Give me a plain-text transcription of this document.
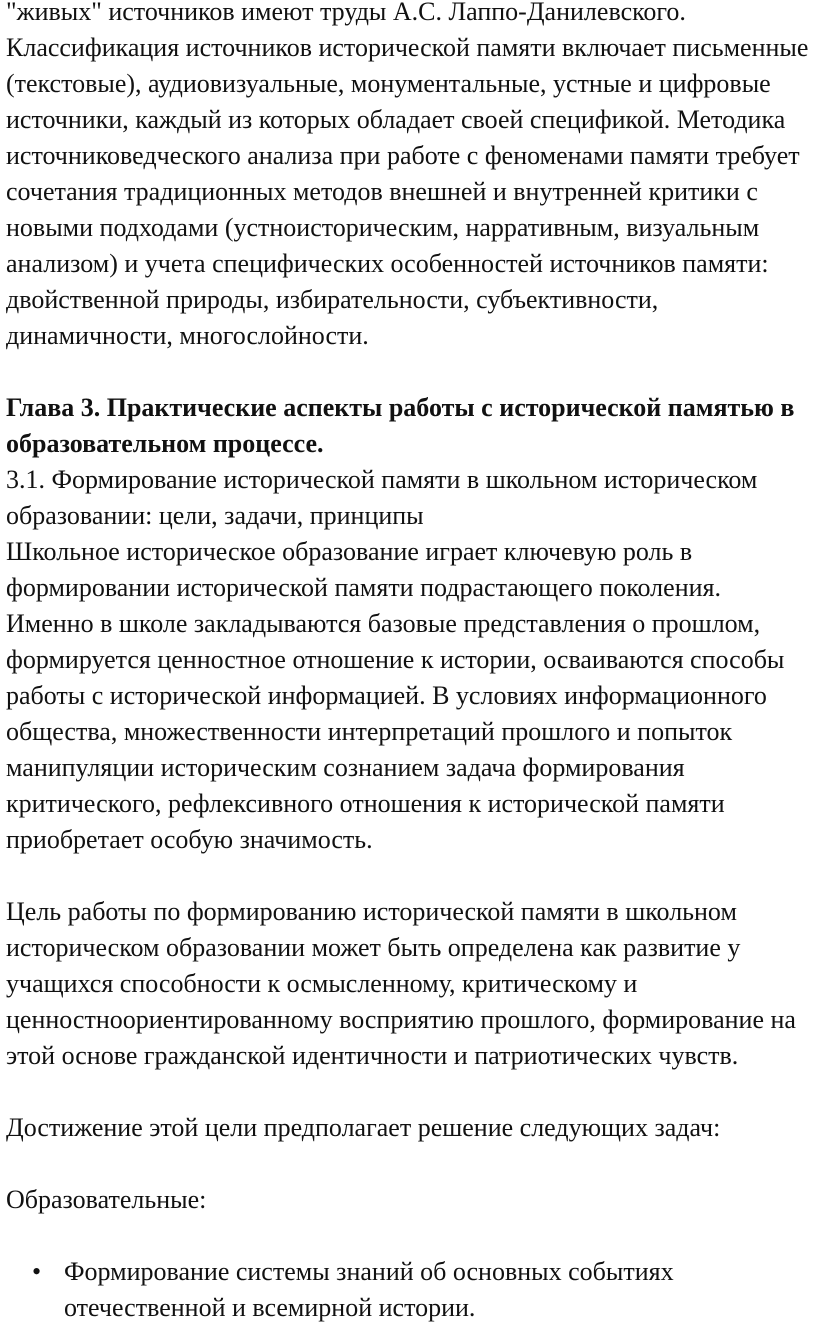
"живых" источников имеют труды А.С. Лаппо-Данилевского. Классификация источников исторической памяти включает письменные (текстовые), аудиовизуальные, монументальные, устные и цифровые источники, каждый из которых обладает своей спецификой. Методика источниковедческого анализа при работе с феноменами памяти требует сочетания традиционных методов внешней и внутренней критики с новыми подходами (устноисторическим, нарративным, визуальным анализом) и учета специфических особенностей источников памяти: двойственной природы, избирательности, субъективности, динамичности, многослойности.

Глава 3. Практические аспекты работы с исторической памятью в образовательном процессе.

3.1. Формирование исторической памяти в школьном историческом образовании: цели, задачи, принципы

Школьное историческое образование играет ключевую роль в формировании исторической памяти подрастающего поколения. Именно в школе закладываются базовые представления о прошлом, формируется ценностное отношение к истории, осваиваются способы работы с исторической информацией. В условиях информационного общества, множественности интерпретаций прошлого и попыток манипуляции историческим сознанием задача формирования критического, рефлексивного отношения к исторической памяти приобретает особую значимость.

Цель работы по формированию исторической памяти в школьном историческом образовании может быть определена как развитие у учащихся способности к осмысленному, критическому и ценностноориентированному восприятию прошлого, формирование на этой основе гражданской идентичности и патриотических чувств.

Достижение этой цели предполагает решение следующих задач:

Образовательные:

• Формирование системы знаний об основных событиях отечественной и всемирной истории.
